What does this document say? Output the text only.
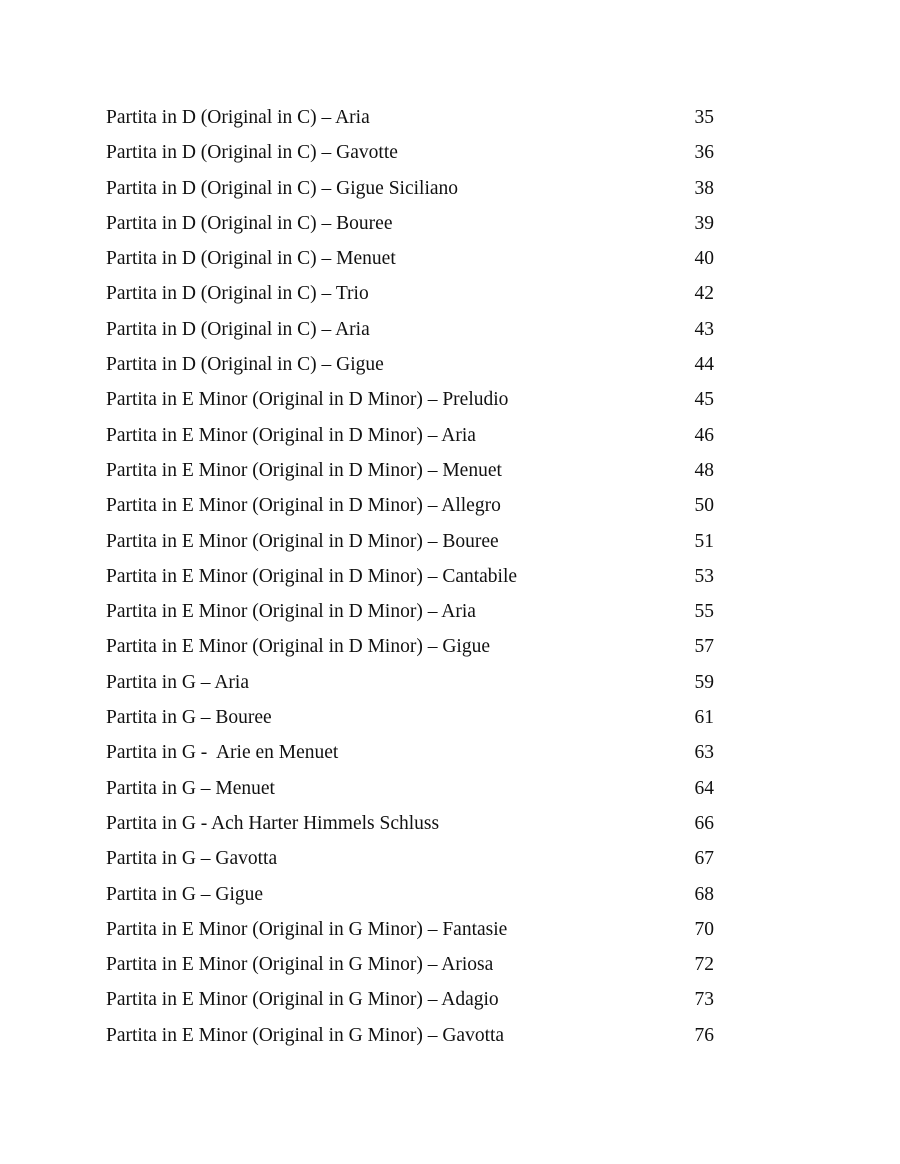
Partita in D (Original in C) – Aria	35
Partita in D (Original in C) – Gavotte	36
Partita in D (Original in C) – Gigue Siciliano	38
Partita in D (Original in C) – Bouree	39
Partita in D (Original in C) – Menuet	40
Partita in D (Original in C) – Trio	42
Partita in D (Original in C) – Aria	43
Partita in D (Original in C) – Gigue	44
Partita in E Minor (Original in D Minor) – Preludio	45
Partita in E Minor (Original in D Minor) – Aria	46
Partita in E Minor (Original in D Minor) – Menuet	48
Partita in E Minor (Original in D Minor) – Allegro	50
Partita in E Minor (Original in D Minor) – Bouree	51
Partita in E Minor (Original in D Minor) – Cantabile	53
Partita in E Minor (Original in D Minor) – Aria	55
Partita in E Minor (Original in D Minor) – Gigue	57
Partita in G – Aria	59
Partita in G – Bouree	61
Partita in G -  Arie en Menuet	63
Partita in G – Menuet	64
Partita in G - Ach Harter Himmels Schluss	66
Partita in G – Gavotta	67
Partita in G – Gigue	68
Partita in E Minor (Original in G Minor) – Fantasie	70
Partita in E Minor (Original in G Minor) – Ariosa	72
Partita in E Minor (Original in G Minor) – Adagio	73
Partita in E Minor (Original in G Minor) – Gavotta	76
